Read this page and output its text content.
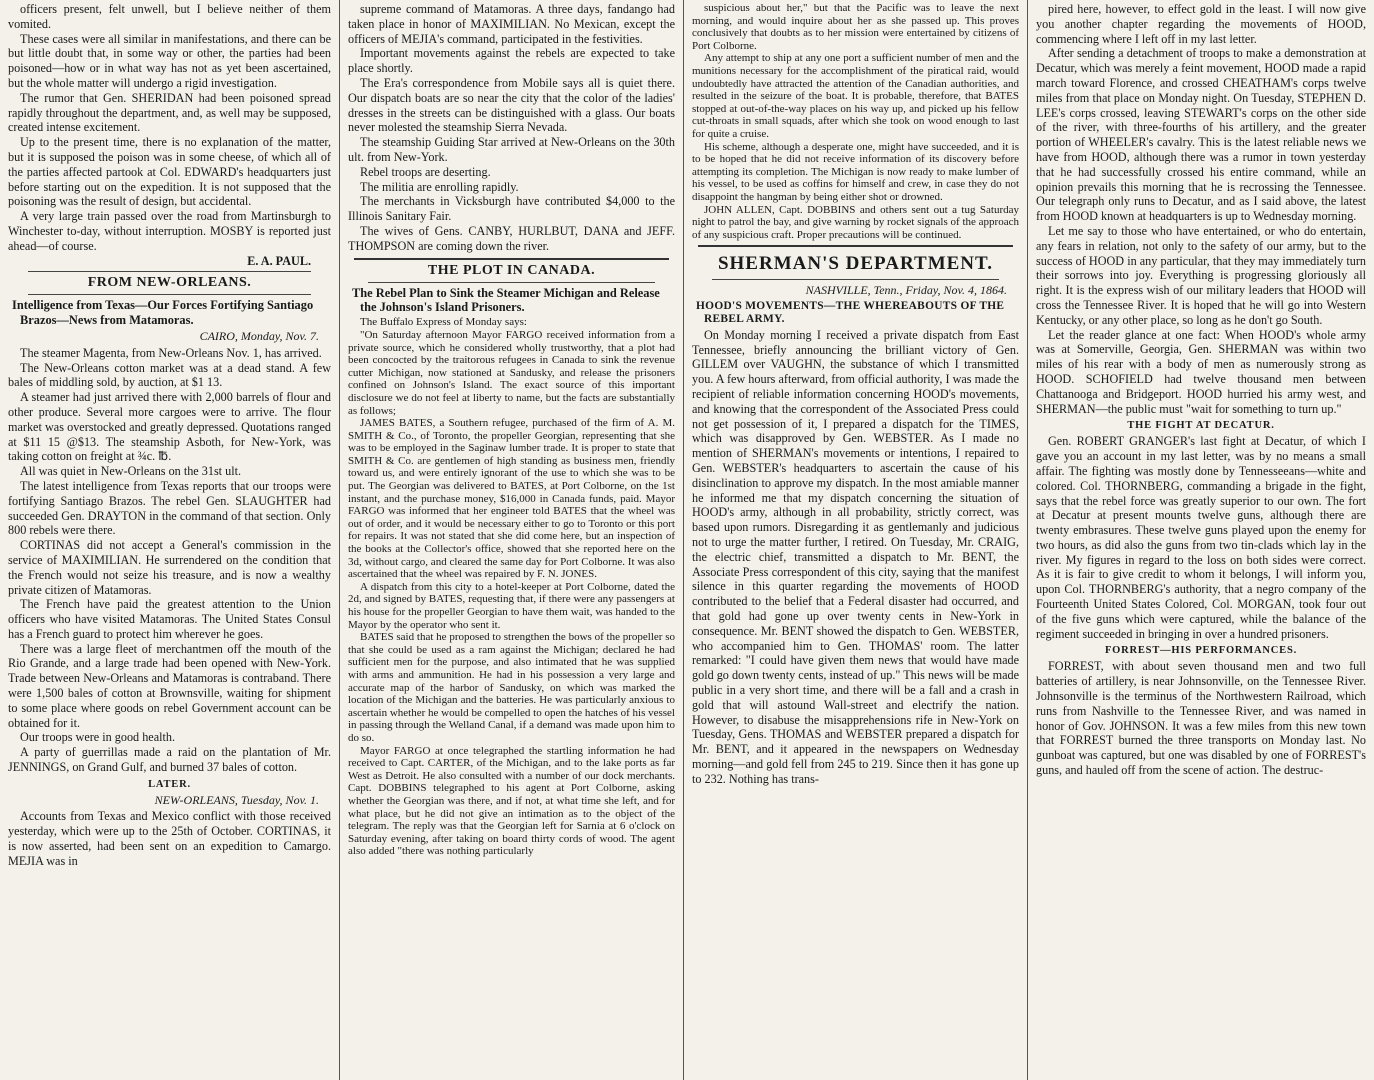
officers present, felt unwell, but I believe neither of them vomited.

These cases were all similar in manifestations, and there can be but little doubt that, in some way or other, the parties had been poisoned—how or in what way has not as yet been ascertained, but the whole matter will undergo a rigid investigation.

The rumor that Gen. SHERIDAN had been poisoned spread rapidly throughout the department, and, as well may be supposed, created intense excitement.

Up to the present time, there is no explanation of the matter, but it is supposed the poison was in some cheese, of which all of the parties affected partook at Col. EDWARD's headquarters just before starting out on the expedition. It is not supposed that the poisoning was the result of design, but accidental.

A very large train passed over the road from Martinsburgh to Winchester to-day, without interruption. MOSBY is reported just ahead—of course.

E. A. PAUL.
FROM NEW-ORLEANS.
Intelligence from Texas—Our Forces Fortifying Santiago Brazos—News from Matamoras.
CAIRO, Monday, Nov. 7.

The steamer Magenta, from New-Orleans Nov. 1, has arrived.

The New-Orleans cotton market was at a dead stand. A few bales of middling sold, by auction, at $1 13.

A steamer had just arrived there with 2,000 barrels of flour and other produce. Several more cargoes were to arrive. The flour market was overstocked and greatly depressed. Quotations ranged at $11 15 @$13. The steamship Asboth, for New-York, was taking cotton on freight at ¾c. ℔.

All was quiet in New-Orleans on the 31st ult.

The latest intelligence from Texas reports that our troops were fortifying Santiago Brazos. The rebel Gen. SLAUGHTER had succeeded Gen. DRAYTON in the command of that section. Only 800 rebels were there.

CORTINAS did not accept a General's commission in the service of MAXIMILIAN. He surrendered on the condition that the French would not seize his treasure, and is now a wealthy private citizen of Matamoras.

The French have paid the greatest attention to the Union officers who have visited Matamoras. The United States Consul has a French guard to protect him wherever he goes.

There was a large fleet of merchantmen off the mouth of the Rio Grande, and a large trade had been opened with New-York. Trade between New-Orleans and Matamoras is contraband. There were 1,500 bales of cotton at Brownsville, waiting for shipment to some place where goods on rebel Government account can be obtained for it.

Our troops were in good health.

A party of guerrillas made a raid on the plantation of Mr. JENNINGS, on Grand Gulf, and burned 37 bales of cotton.

LATER.
NEW-ORLEANS, Tuesday, Nov. 1.

Accounts from Texas and Mexico conflict with those received yesterday, which were up to the 25th of October. CORTINAS, it is now asserted, had been sent on an expedition to Camargo. MEJIA was in

supreme command of Matamoras. A three days, fandango had taken place in honor of MAXIMILIAN. No Mexican, except the officers of MEJIA's command, participated in the festivities.

Important movements against the rebels are expected to take place shortly.

The Era's correspondence from Mobile says all is quiet there. Our dispatch boats are so near the city that the color of the ladies' dresses in the streets can be distinguished with a glass. Our boats never molested the steamship Sierra Nevada.

The steamship Guiding Star arrived at New-Orleans on the 30th ult. from New-York.

Rebel troops are deserting.

The militia are enrolling rapidly.

The merchants in Vicksburgh have contributed $4,000 to the Illinois Sanitary Fair.

The wives of Gens. CANBY, HURLBUT, DANA and JEFF. THOMPSON are coming down the river.

THE PLOT IN CANADA.
The Rebel Plan to Sink the Steamer Michigan and Release the Johnson's Island Prisoners.

The Buffalo Express of Monday says:

"On Saturday afternoon Mayor FARGO received information from a private source, which he considered wholly trustworthy, that a plot had been concocted by the traitorous refugees in Canada to sink the revenue cutter Michigan, now stationed at Sandusky, and release the prisoners confined on Johnson's Island. The exact source of this important disclosure we do not feel at liberty to name, but the facts are substantially as follows;

JAMES BATES, a Southern refugee, purchased of the firm of A. M. SMITH & Co., of Toronto, the propeller Georgian, representing that she was to be employed in the Saginaw lumber trade. It is proper to state that SMITH & Co. are gentlemen of high standing as business men, friendly toward us, and were entirely ignorant of the use to which she was to be put. The Georgian was delivered to BATES, at Port Colborne, on the 1st instant, and the purchase money, $16,000 in Canada funds, paid. Mayor FARGO was informed that her engineer told BATES that the wheel was out of order, and it would be necessary either to go to Toronto or this port for repairs. It was not stated that she did come here, but an inspection of the books at the Collector's office, showed that she reported here on the 3d, without cargo, and cleared the same day for Port Colborne. It was also ascertained that the wheel was repaired by F. N. JONES.

A dispatch from this city to a hotel-keeper at Port Colborne, dated the 2d, and signed by BATES, requesting that, if there were any passengers at his house for the propeller Georgian to have them wait, was handed to the Mayor by the operator who sent it.

BATES said that he proposed to strengthen the bows of the propeller so that she could be used as a ram against the Michigan; declared he had sufficient men for the purpose, and also intimated that he was supplied with arms and ammunition. He had in his possession a very large and accurate map of the harbor of Sandusky, on which was marked the location of the Michigan and the batteries. He was particularly anxious to ascertain whether he would be compelled to open the hatches of his vessel in passing through the Welland Canal, if a demand was made upon him to do so.

Mayor FARGO at once telegraphed the startling information he had received to Capt. CARTER, of the Michigan, and to the lake ports as far West as Detroit. He also consulted with a number of our dock merchants. Capt. DOBBINS telegraphed to his agent at Port Colborne, asking whether the Georgian was there, and if not, at what time she left, and for what place, but he did not give an intimation as to the object of the telegram. The reply was that the Georgian left for Sarnia at 6 o'clock on Saturday evening, after taking on board thirty cords of wood. The agent also added "there was nothing particularly

suspicious about her," but that the Pacific was to leave the next morning, and would inquire about her as she passed up. This proves conclusively that doubts as to her mission were entertained by citizens of Port Colborne.

Any attempt to ship at any one port a sufficient number of men and the munitions necessary for the accomplishment of the piratical raid, would undoubtedly have attracted the attention of the Canadian authorities, and resulted in the seizure of the boat. It is probable, therefore, that BATES stopped at out-of-the-way places on his way up, and picked up his fellow cut-throats in small squads, after which she took on wood enough to last for quite a cruise.

His scheme, although a desperate one, might have succeeded, and it is to be hoped that he did not receive information of its discovery before attempting its completion. The Michigan is now ready to make lumber of his vessel, to be used as coffins for himself and crew, in case they do not disappoint the hangman by being either shot or drowned.

JOHN ALLEN, Capt. DOBBINS and others sent out a tug Saturday night to patrol the bay, and give warning by rocket signals of the approach of any suspicious craft. Proper precautions will be continued.

SHERMAN'S DEPARTMENT.
NASHVILLE, Tenn., Friday, Nov. 4, 1864.
HOOD'S MOVEMENTS—THE WHEREABOUTS OF THE REBEL ARMY.

On Monday morning I received a private dispatch from East Tennessee, briefly announcing the brilliant victory of Gen. GILLEM over VAUGHN, the substance of which I transmitted you. A few hours afterward, from official authority, I was made the recipient of reliable information concerning HOOD's movements, and knowing that the correspondent of the Associated Press could not get possession of it, I prepared a dispatch for the TIMES, which was disapproved by Gen. WEBSTER. As I made no mention of SHERMAN's movements or intentions, I repaired to Gen. WEBSTER's headquarters to ascertain the cause of his disinclination to approve my dispatch. In the most amiable manner he informed me that my dispatch concerning the situation of HOOD's army, although in all probability, strictly correct, was based upon rumors. Disregarding it as gentlemanly and judicious not to urge the matter further, I retired. On Tuesday, Mr. CRAIG, the electric chief, transmitted a dispatch to Mr. BENT, the Associate Press correspondent of this city, saying that the manifest silence in this quarter regarding the movements of HOOD contributed to the belief that a Federal disaster had occurred, and that gold had gone up over twenty cents in New-York in consequence. Mr. BENT showed the dispatch to Gen. WEBSTER, who accompanied him to Gen. THOMAS' room. The latter remarked: "I could have given them news that would have made gold go down twenty cents, instead of up." This news will be made public in a very short time, and there will be a fall and a crash in gold that will astound Wall-street and electrify the nation. However, to disabuse the misapprehensions rife in New-York on Tuesday, Gens. THOMAS and WEBSTER prepared a dispatch for Mr. BENT, and it appeared in the newspapers on Wednesday morning—and gold fell from 245 to 219. Since then it has gone up to 232. Nothing has trans-

pired here, however, to effect gold in the least. I will now give you another chapter regarding the movements of HOOD, commencing where I left off in my last letter.

After sending a detachment of troops to make a demonstration at Decatur, which was merely a feint movement, HOOD made a rapid march toward Florence, and crossed CHEATHAM's corps twelve miles from that place on Monday night. On Tuesday, STEPHEN D. LEE's corps crossed, leaving STEWART's corps on the other side of the river, with three-fourths of his artillery, and the greater portion of WHEELER's cavalry. This is the latest reliable news we have from HOOD, although there was a rumor in town yesterday that he had successfully crossed his entire command, while an opinion prevails this morning that he is recrossing the Tennessee. Our telegraph only runs to Decatur, and as I said above, the latest from HOOD known at headquarters is up to Wednesday morning.

Let me say to those who have entertained, or who do entertain, any fears in relation, not only to the safety of our army, but to the success of HOOD in any particular, that they may immediately turn their sorrows into joy. Everything is progressing gloriously all right. It is the express wish of our military leaders that HOOD will cross the Tennessee River. It is hoped that he will go into Western Kentucky, or any other place, so long as he don't go South.

Let the reader glance at one fact: When HOOD's whole army was at Somerville, Georgia, Gen. SHERMAN was within two miles of his rear with a body of men as numerously strong as HOOD. SCHOFIELD had twelve thousand men between Chattanooga and Bridgeport. HOOD hurried his army west, and SHERMAN—the public must "wait for something to turn up."

THE FIGHT AT DECATUR.

Gen. ROBERT GRANGER's last fight at Decatur, of which I gave you an account in my last letter, was by no means a small affair. The fighting was mostly done by Tennesseeans—white and colored. Col. THORNBERG, commanding a brigade in the fight, says that the rebel force was greatly superior to our own. The fort at Decatur at present mounts twelve guns, although there are twenty embrasures. These twelve guns played upon the enemy for two hours, as did also the guns from two tin-clads which lay in the river. My figures in regard to the loss on both sides were correct. As it is fair to give credit to whom it belongs, I will inform you, upon Col. THORNBERG's authority, that a negro company of the Fourteenth United States Colored, Col. MORGAN, took four out of the five guns which were captured, while the balance of the regiment succeeded in bringing in over a hundred prisoners.

FORREST—HIS PERFORMANCES.

FORREST, with about seven thousand men and two full batteries of artillery, is near Johnsonville, on the Tennessee River. Johnsonville is the terminus of the Northwestern Railroad, which runs from Nashville to the Tennessee River, and was named in honor of Gov. JOHNSON. It was a few miles from this new town that FORREST burned the three transports on Monday last. No gunboat was captured, but one was disabled by one of FORREST's guns, and hauled off from the scene of action. The destruc-
